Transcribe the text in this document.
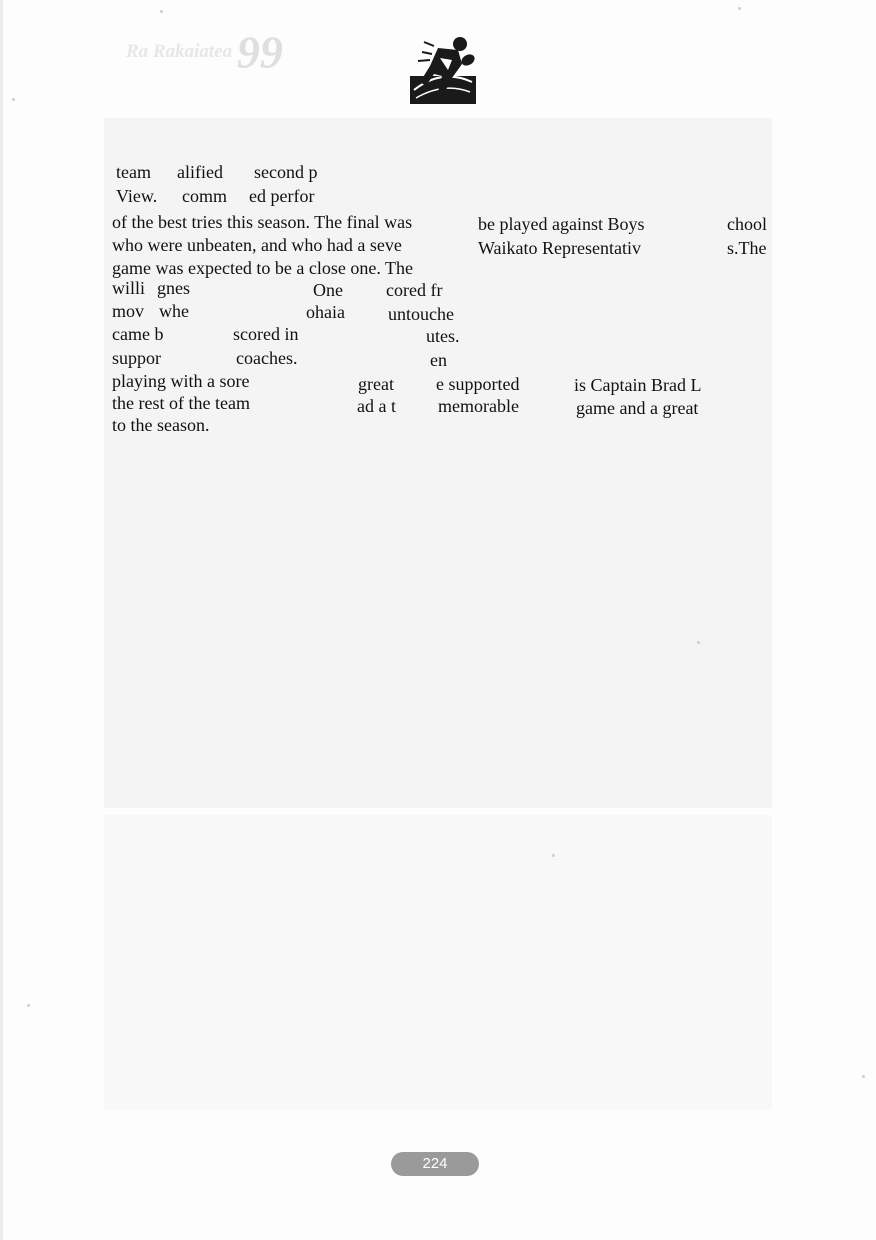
Ra Rakaiatea 99
team alified second p
View. comm ed perfor
of the best tries this season. The final was	be played against Boys	chool
who were unbeaten, and who had a seve	Waikato Representativ	s.The
game was expected to be a close one. The
willi gnes	One cored fr
mov whe	ohaia untouche
came b	scored in	utes.
suppor	coaches.	en
playing with a sore	great e supported	is Captain Brad L
the rest of the team	ad a t memorable	game and a great
to the season.
224
